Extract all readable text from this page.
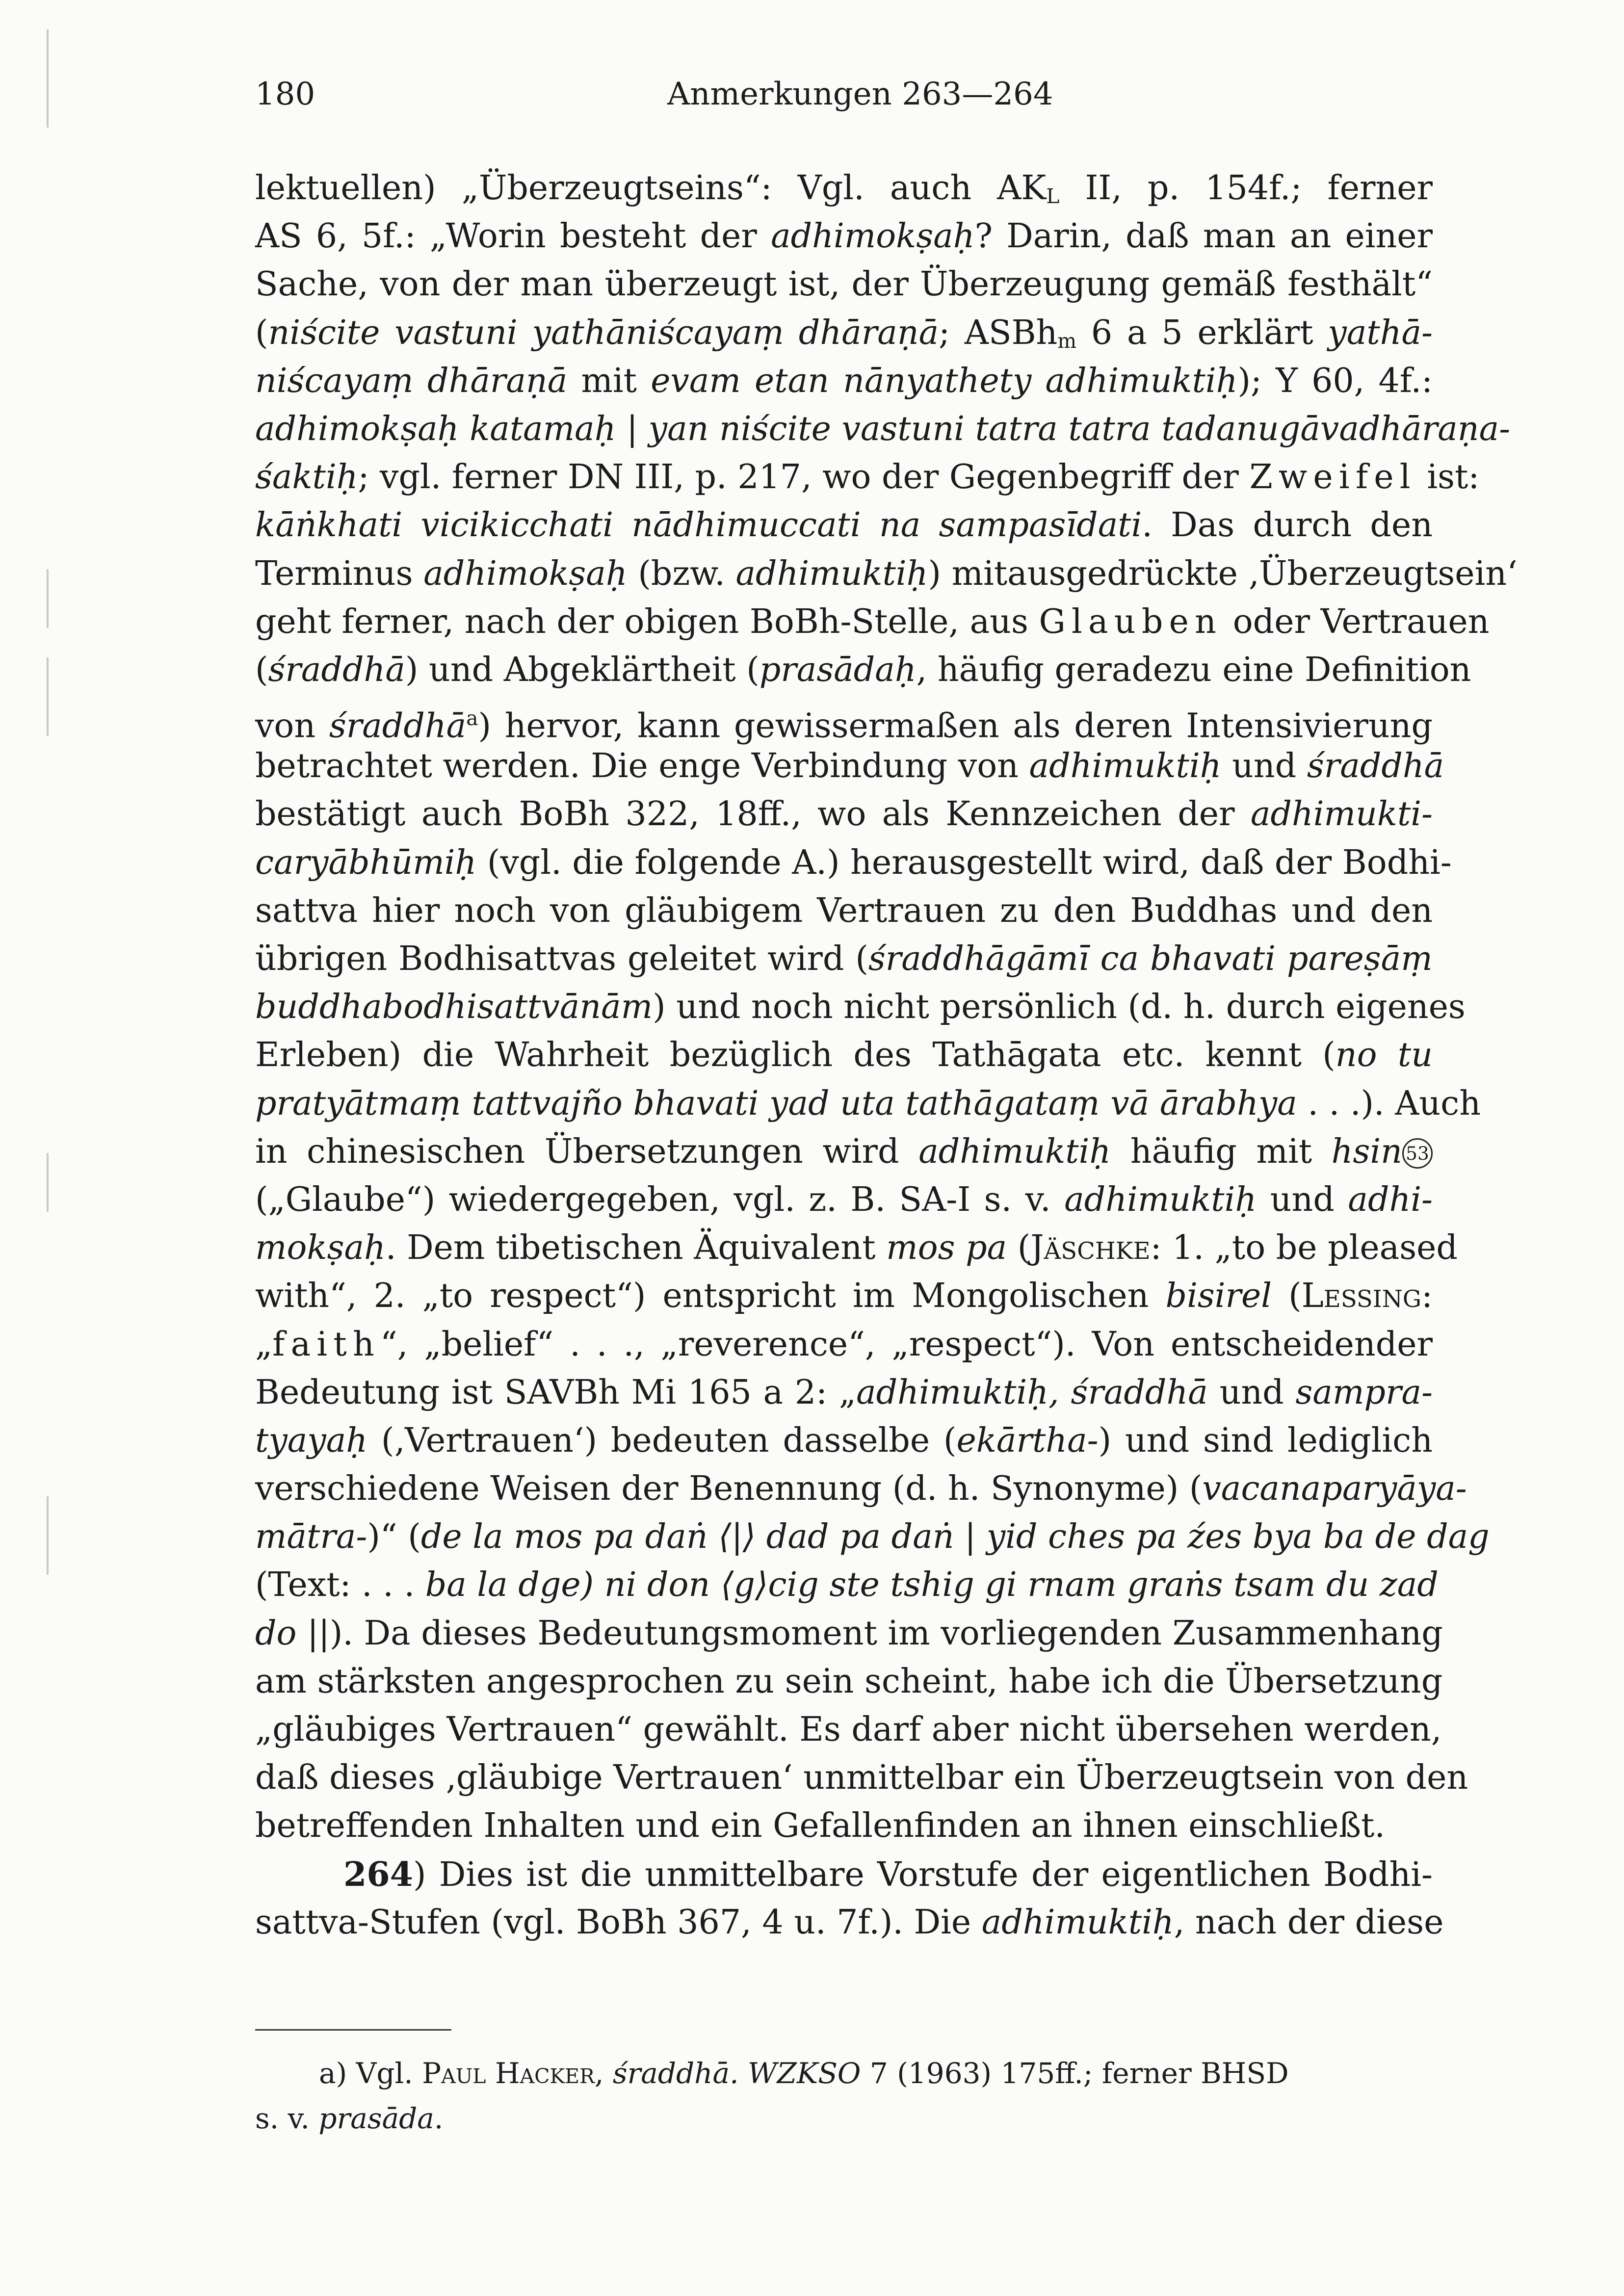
180	Anmerkungen 263—264
lektuellen) „Überzeugtseins“: Vgl. auch $AK_L$ II, p. 154f.; ferner
AS 6, 5f.: „Worin besteht der adhimokṣaḥ? Darin, daß man an einer
Sache, von der man überzeugt ist, der Überzeugung gemäß festhält“
(niścite vastuni yathāniścayaṃ dhāraṇā; ASBh$_m$ 6 a 5 erklärt yathā-
niścayaṃ dhāraṇā mit evam etan nānyathety adhimuktiḥ); Y 60, 4f.:
adhimokṣaḥ katamaḥ | yan niścite vastuni tatra tatra tadanugāvadhāraṇa-
śaktiḥ; vgl. ferner DN III, p. 217, wo der Gegenbegriff der Zweifel ist:
kāṅkhati vicikicchati nādhimuccati na sampasīdati. Das durch den
Terminus adhimokṣaḥ (bzw. adhimuktiḥ) mitausgedrückte ‚Überzeugtsein‘
geht ferner, nach der obigen BoBh-Stelle, aus Glauben oder Vertrauen
(śraddhā) und Abgeklärtheit (prasādaḥ, häufig geradezu eine Definition
von śraddhā$^a$) hervor, kann gewissermaßen als deren Intensivierung
betrachtet werden. Die enge Verbindung von adhimuktiḥ und śraddhā
bestätigt auch BoBh 322, 18ff., wo als Kennzeichen der adhimukti-
caryābhūmiḥ (vgl. die folgende A.) herausgestellt wird, daß der Bodhi-
sattva hier noch von gläubigem Vertrauen zu den Buddhas und den
übrigen Bodhisattvas geleitet wird (śraddhāgāmī ca bhavati pareṣāṃ
buddhabodhisattvānām) und noch nicht persönlich (d. h. durch eigenes
Erleben) die Wahrheit bezüglich des Tathāgata etc. kennt (no tu
pratyātmaṃ tattvajño bhavati yad uta tathāgataṃ vā ārabhya . . .). Auch
in chinesischen Übersetzungen wird adhimuktiḥ häufig mit hsin 53
(„Glaube“) wiedergegeben, vgl. z. B. SA-I s. v. adhimuktiḥ und adhi-
mokṣaḥ. Dem tibetischen Äquivalent mos pa (Jäschke: 1. „to be pleased
with“, 2. „to respect“) entspricht im Mongolischen bisirel (Lessing:
„faith“, „belief“ . . ., „reverence“, „respect“). Von entscheidender
Bedeutung ist SAVBh Mi 165 a 2: „adhimuktiḥ, śraddhā und sampra-
tyayaḥ (‚Vertrauen‘) bedeuten dasselbe (ekārtha-) und sind lediglich
verschiedene Weisen der Benennung (d. h. Synonyme) (vacanaparyāya-
mātra-)“ (de la mos pa daṅ ⟨|⟩ dad pa daṅ | yid ches pa źes bya ba de dag
(Text: . . . ba la dge) ni don ⟨g⟩cig ste tshig gi rnam graṅs tsam du zad
do ||). Da dieses Bedeutungsmoment im vorliegenden Zusammenhang
am stärksten angesprochen zu sein scheint, habe ich die Übersetzung
„gläubiges Vertrauen“ gewählt. Es darf aber nicht übersehen werden,
daß dieses ‚gläubige Vertrauen‘ unmittelbar ein Überzeugtsein von den
betreffenden Inhalten und ein Gefallenfinden an ihnen einschließt.
264) Dies ist die unmittelbare Vorstufe der eigentlichen Bodhi-
sattva-Stufen (vgl. BoBh 367, 4 u. 7f.). Die adhimuktiḥ, nach der diese
a) Vgl. Paul Hacker, śraddhā. WZKSO 7 (1963) 175ff.; ferner BHSD
s. v. prasāda.
